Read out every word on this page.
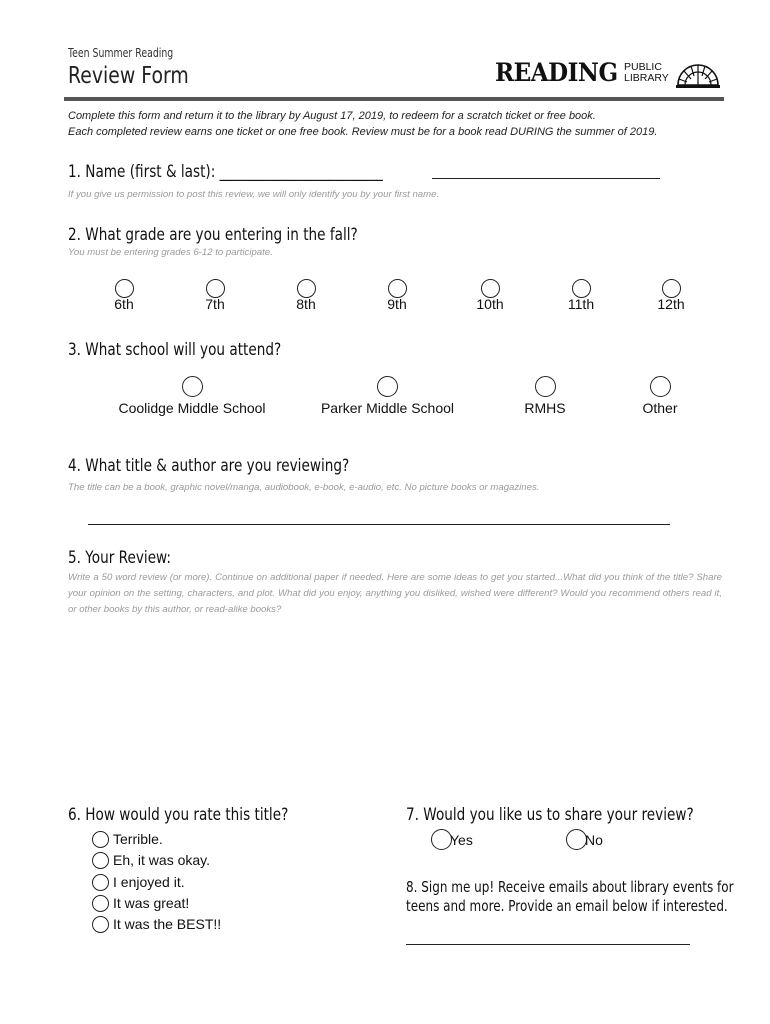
Teen Summer Reading
Review Form	READING PUBLIC
LIBRARY
Complete this form and return it to the library by August 17, 2019, to redeem for a scratch ticket or free book.
Each completed review earns one ticket or one free book. Review must be for a book read DURING the summer of 2019.
1. Name (first & last): ________________________
If you give us permission to post this review, we will only identify you by your first name.
2. What grade are you entering in the fall?
You must be entering grades 6-12 to participate.
6th	7th	8th	9th	10th	11th	12th
3. What school will you attend?
Coolidge Middle School	Parker Middle School	RMHS	Other
4. What title & author are you reviewing?
The title can be a book, graphic novel/manga, audiobook, e-book, e-audio, etc. No picture books or magazines.
5. Your Review:
Write a 50 word review (or more). Continue on additional paper if needed. Here are some ideas to get you started...What did you think of the title? Share your opinion on the setting, characters, and plot. What did you enjoy, anything you disliked, wished were different? Would you recommend others read it, or other books by this author, or read-alike books?
6. How would you rate this title?
Terrible.
Eh, it was okay.
I enjoyed it.
It was great!
It was the BEST!!
7. Would you like us to share your review?
Yes	No
8. Sign me up! Receive emails about library events for
teens and more. Provide an email below if interested.
